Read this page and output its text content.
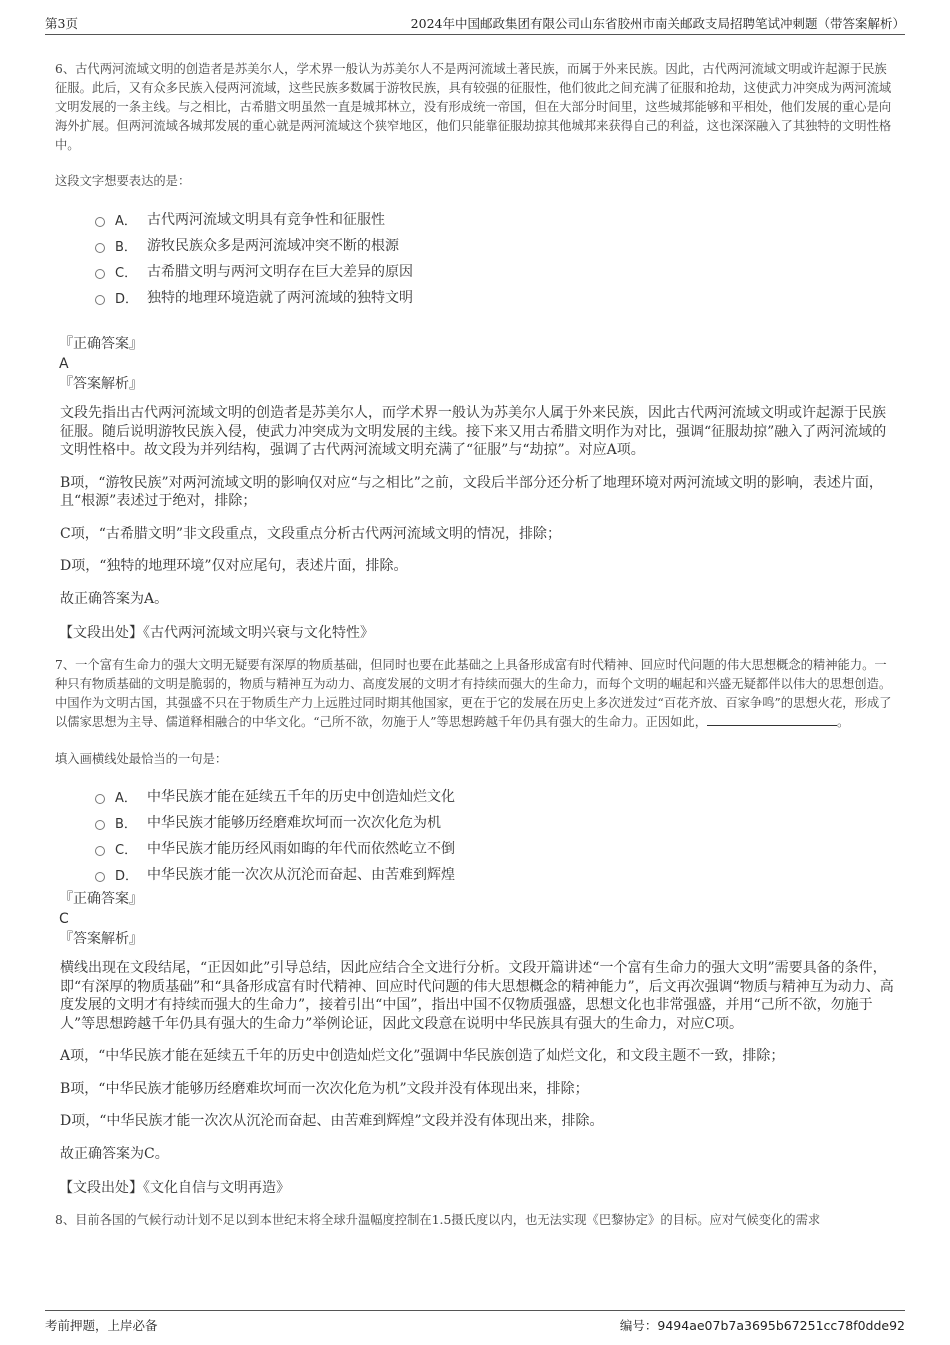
第3页	2024年中国邮政集团有限公司山东省胶州市南关邮政支局招聘笔试冲刺题（带答案解析）

6、古代两河流域文明的创造者是苏美尔人，学术界一般认为苏美尔人不是两河流域土著民族，而属于外来民族。因此，古代两河流域文明或许起源于民族征服。此后，又有众多民族入侵两河流域，这些民族多数属于游牧民族，具有较强的征服性，他们彼此之间充满了征服和抢劫，这使武力冲突成为两河流域文明发展的一条主线。与之相比，古希腊文明虽然一直是城邦林立，没有形成统一帝国，但在大部分时间里，这些城邦能够和平相处，他们发展的重心是向海外扩展。但两河流域各城邦发展的重心就是两河流域这个狭窄地区，他们只能靠征服劫掠其他城邦来获得自己的利益，这也深深融入了其独特的文明性格中。

这段文字想要表达的是：

A． 古代两河流域文明具有竞争性和征服性
B． 游牧民族众多是两河流域冲突不断的根源
C． 古希腊文明与两河文明存在巨大差异的原因
D． 独特的地理环境造就了两河流域的独特文明
『正确答案』
A
『答案解析』

文段先指出古代两河流域文明的创造者是苏美尔人，而学术界一般认为苏美尔人属于外来民族，因此古代两河流域文明或许起源于民族征服。随后说明游牧民族入侵，使武力冲突成为文明发展的主线。接下来又用古希腊文明作为对比，强调“征服劫掠”融入了两河流域的文明性格中。故文段为并列结构，强调了古代两河流域文明充满了“征服”与“劫掠”。对应A项。

B项，“游牧民族”对两河流域文明的影响仅对应“与之相比”之前，文段后半部分还分析了地理环境对两河流域文明的影响，表述片面，且“根源”表述过于绝对，排除；

C项，“古希腊文明”非文段重点，文段重点分析古代两河流域文明的情况，排除；

D项，“独特的地理环境”仅对应尾句，表述片面，排除。

故正确答案为A。

【文段出处】《古代两河流域文明兴衰与文化特性》

7、一个富有生命力的强大文明无疑要有深厚的物质基础，但同时也要在此基础之上具备形成富有时代精神、回应时代问题的伟大思想概念的精神能力。一种只有物质基础的文明是脆弱的，物质与精神互为动力、高度发展的文明才有持续而强大的生命力，而每个文明的崛起和兴盛无疑都伴以伟大的思想创造。中国作为文明古国，其强盛不只在于物质生产力上远胜过同时期其他国家，更在于它的发展在历史上多次迸发过“百花齐放、百家争鸣”的思想火花，形成了以儒家思想为主导、儒道释相融合的中华文化。“己所不欲，勿施于人”等思想跨越千年仍具有强大的生命力。正因如此，	。

填入画横线处最恰当的一句是：

A． 中华民族才能在延续五千年的历史中创造灿烂文化
B． 中华民族才能够历经磨难坎坷而一次次化危为机
C． 中华民族才能历经风雨如晦的年代而依然屹立不倒
D． 中华民族才能一次次从沉沦而奋起、由苦难到辉煌
『正确答案』
C
『答案解析』

横线出现在文段结尾，“正因如此”引导总结，因此应结合全文进行分析。文段开篇讲述“一个富有生命力的强大文明”需要具备的条件，即“有深厚的物质基础”和“具备形成富有时代精神、回应时代问题的伟大思想概念的精神能力”，后文再次强调“物质与精神互为动力、高度发展的文明才有持续而强大的生命力”，接着引出“中国”，指出中国不仅物质强盛，思想文化也非常强盛，并用“己所不欲，勿施于人”等思想跨越千年仍具有强大的生命力”举例论证，因此文段意在说明中华民族具有强大的生命力，对应C项。

A项，“中华民族才能在延续五千年的历史中创造灿烂文化”强调中华民族创造了灿烂文化，和文段主题不一致，排除；

B项，“中华民族才能够历经磨难坎坷而一次次化危为机”文段并没有体现出来，排除；

D项，“中华民族才能一次次从沉沦而奋起、由苦难到辉煌”文段并没有体现出来，排除。

故正确答案为C。

【文段出处】《文化自信与文明再造》

8、目前各国的气候行动计划不足以到本世纪末将全球升温幅度控制在1.5摄氏度以内，也无法实现《巴黎协定》的目标。应对气候变化的需求

考前押题，上岸必备	编号：9494ae07b7a3695b67251cc78f0dde92
